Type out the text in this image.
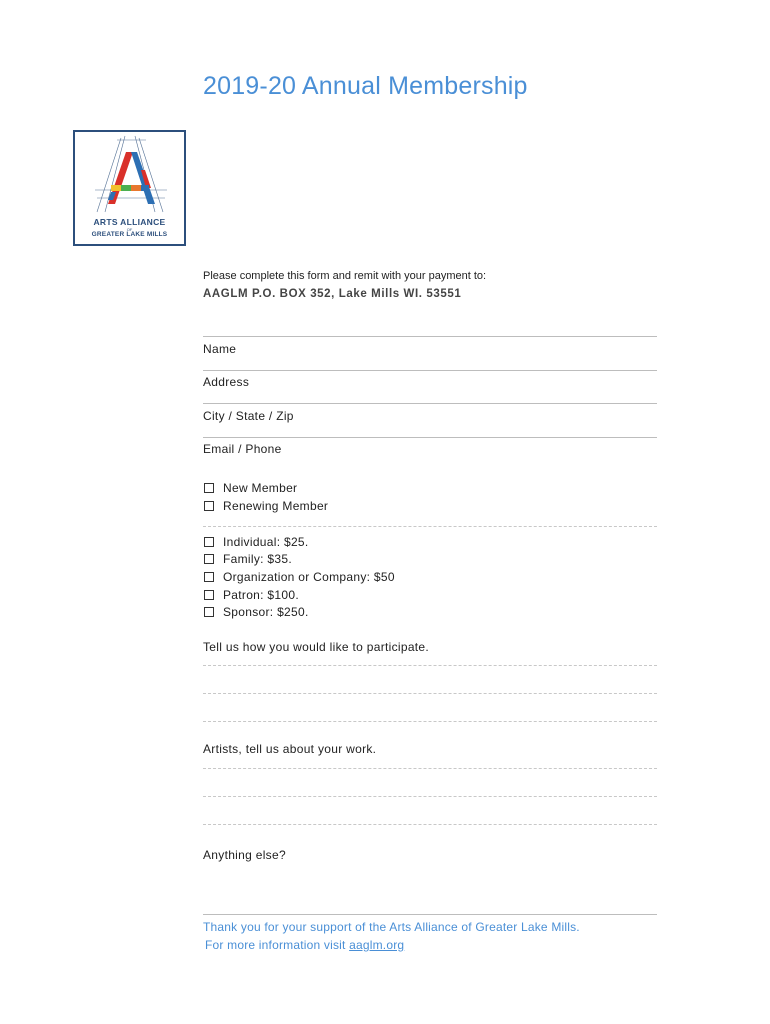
2019-20 Annual Membership
ARTS ALLIANCE
OF
GREATER LAKE MILLS
Please complete this form and remit with your payment to:
AAGLM P.O. BOX 352, Lake Mills WI. 53551
Name
Address
City / State / Zip
Email / Phone
New Member
Renewing Member
Individual: $25.
Family: $35.
Organization or Company: $50
Patron: $100.
Sponsor: $250.
Tell us how you would like to participate.
Artists, tell us about your work.
Anything else?
Thank you for your support of the Arts Alliance of Greater Lake Mills.
For more information visit aaglm.org
